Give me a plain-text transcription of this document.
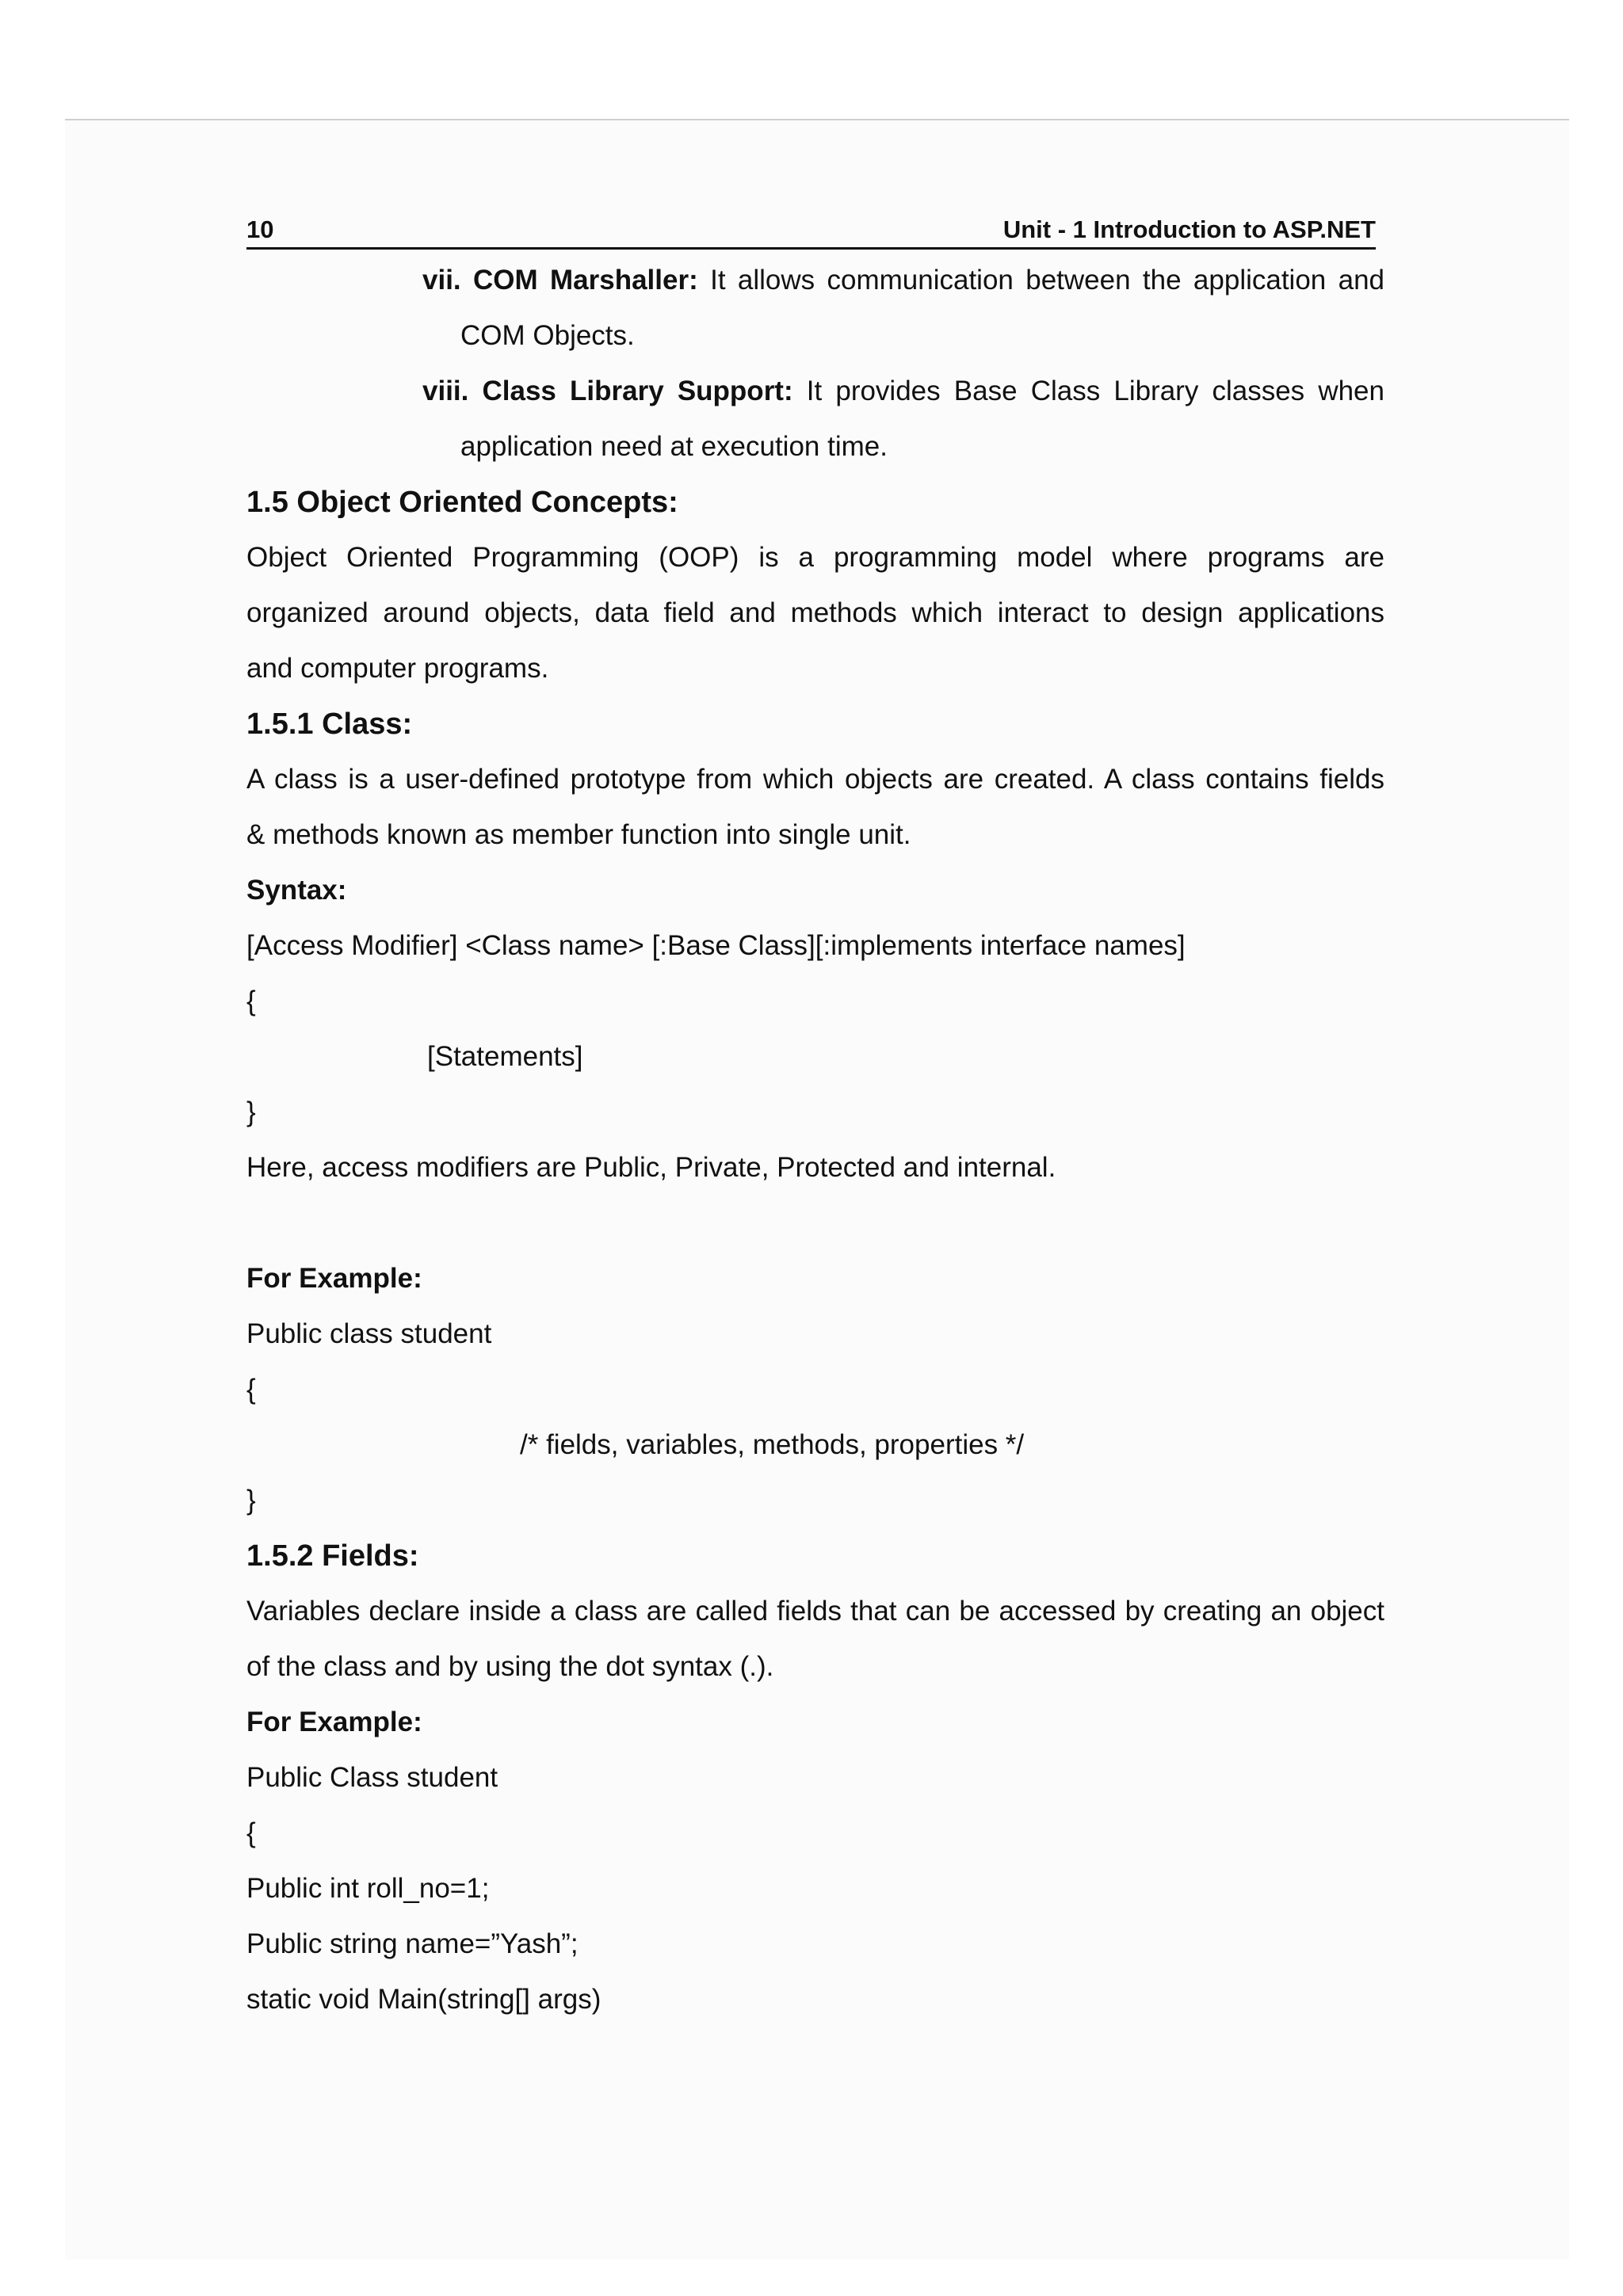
10	Unit - 1 Introduction to ASP.NET

vii. COM Marshaller: It allows communication between the application and

COM Objects.

viii. Class Library Support: It provides Base Class Library classes when

application need at execution time.

1.5 Object Oriented Concepts:

Object Oriented Programming (OOP) is a programming model where programs are

organized around objects, data field and methods which interact to design applications

and computer programs.

1.5.1 Class:

A class is a user-defined prototype from which objects are created. A class contains fields

& methods known as member function into single unit.

Syntax:

[Access Modifier] <Class name> [:Base Class][:implements interface names]

{

[Statements]

}

Here, access modifiers are Public, Private, Protected and internal.

For Example:

Public class student

{

/* fields, variables, methods, properties */

}

1.5.2 Fields:

Variables declare inside a class are called fields that can be accessed by creating an object

of the class and by using the dot syntax (.).

For Example:

Public Class student

{

Public int roll_no=1;

Public string name=”Yash”;

static void Main(string[] args)
